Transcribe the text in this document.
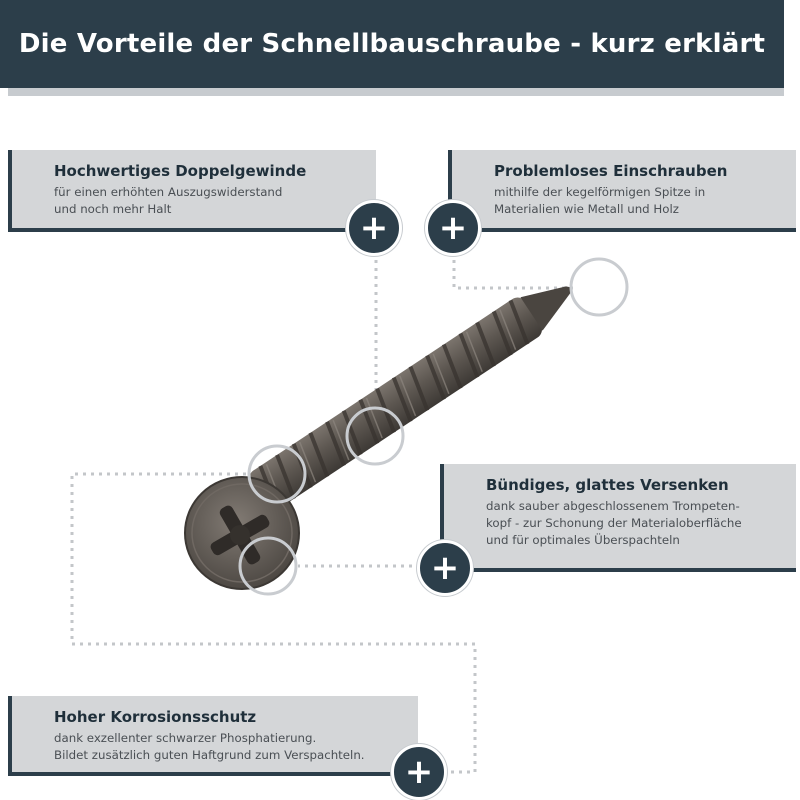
Die Vorteile der Schnellbauschraube - kurz erklärt
Hochwertiges Doppelgewinde
für einen erhöhten Auszugswiderstand
und noch mehr Halt	+
Problemloses Einschrauben
mithilfe der kegelförmigen Spitze in
Materialien wie Metall und Holz
+
Bündiges, glattes Versenken
dank sauber abgeschlossenem Trompeten-
kopf - zur Schonung der Materialoberfläche
und für optimales Überspachteln
+
Hoher Korrosionsschutz
dank exzellenter schwarzer Phosphatierung.
Bildet zusätzlich guten Haftgrund zum Verspachteln.	+
